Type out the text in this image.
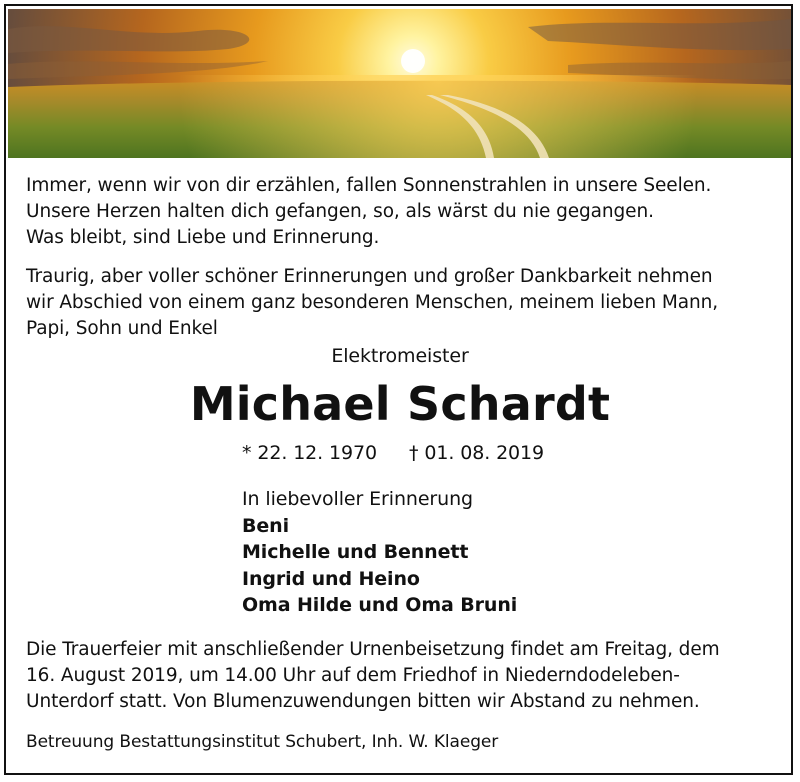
Immer, wenn wir von dir erzählen, fallen Sonnenstrahlen in unsere Seelen.
Unsere Herzen halten dich gefangen, so, als wärst du nie gegangen.
Was bleibt, sind Liebe und Erinnerung.
Traurig, aber voller schöner Erinnerungen und großer Dankbarkeit nehmen
wir Abschied von einem ganz besonderen Menschen, meinem lieben Mann,
Papi, Sohn und Enkel
Elektromeister
Michael Schardt
* 22. 12. 1970 † 01. 08. 2019
In liebevoller Erinnerung
Beni
Michelle und Bennett
Ingrid und Heino
Oma Hilde und Oma Bruni
Die Trauerfeier mit anschließender Urnenbeisetzung findet am Freitag, dem
16. August 2019, um 14.00 Uhr auf dem Friedhof in Niederndodeleben-
Unterdorf statt. Von Blumenzuwendungen bitten wir Abstand zu nehmen.
Betreuung Bestattungsinstitut Schubert, Inh. W. Klaeger
